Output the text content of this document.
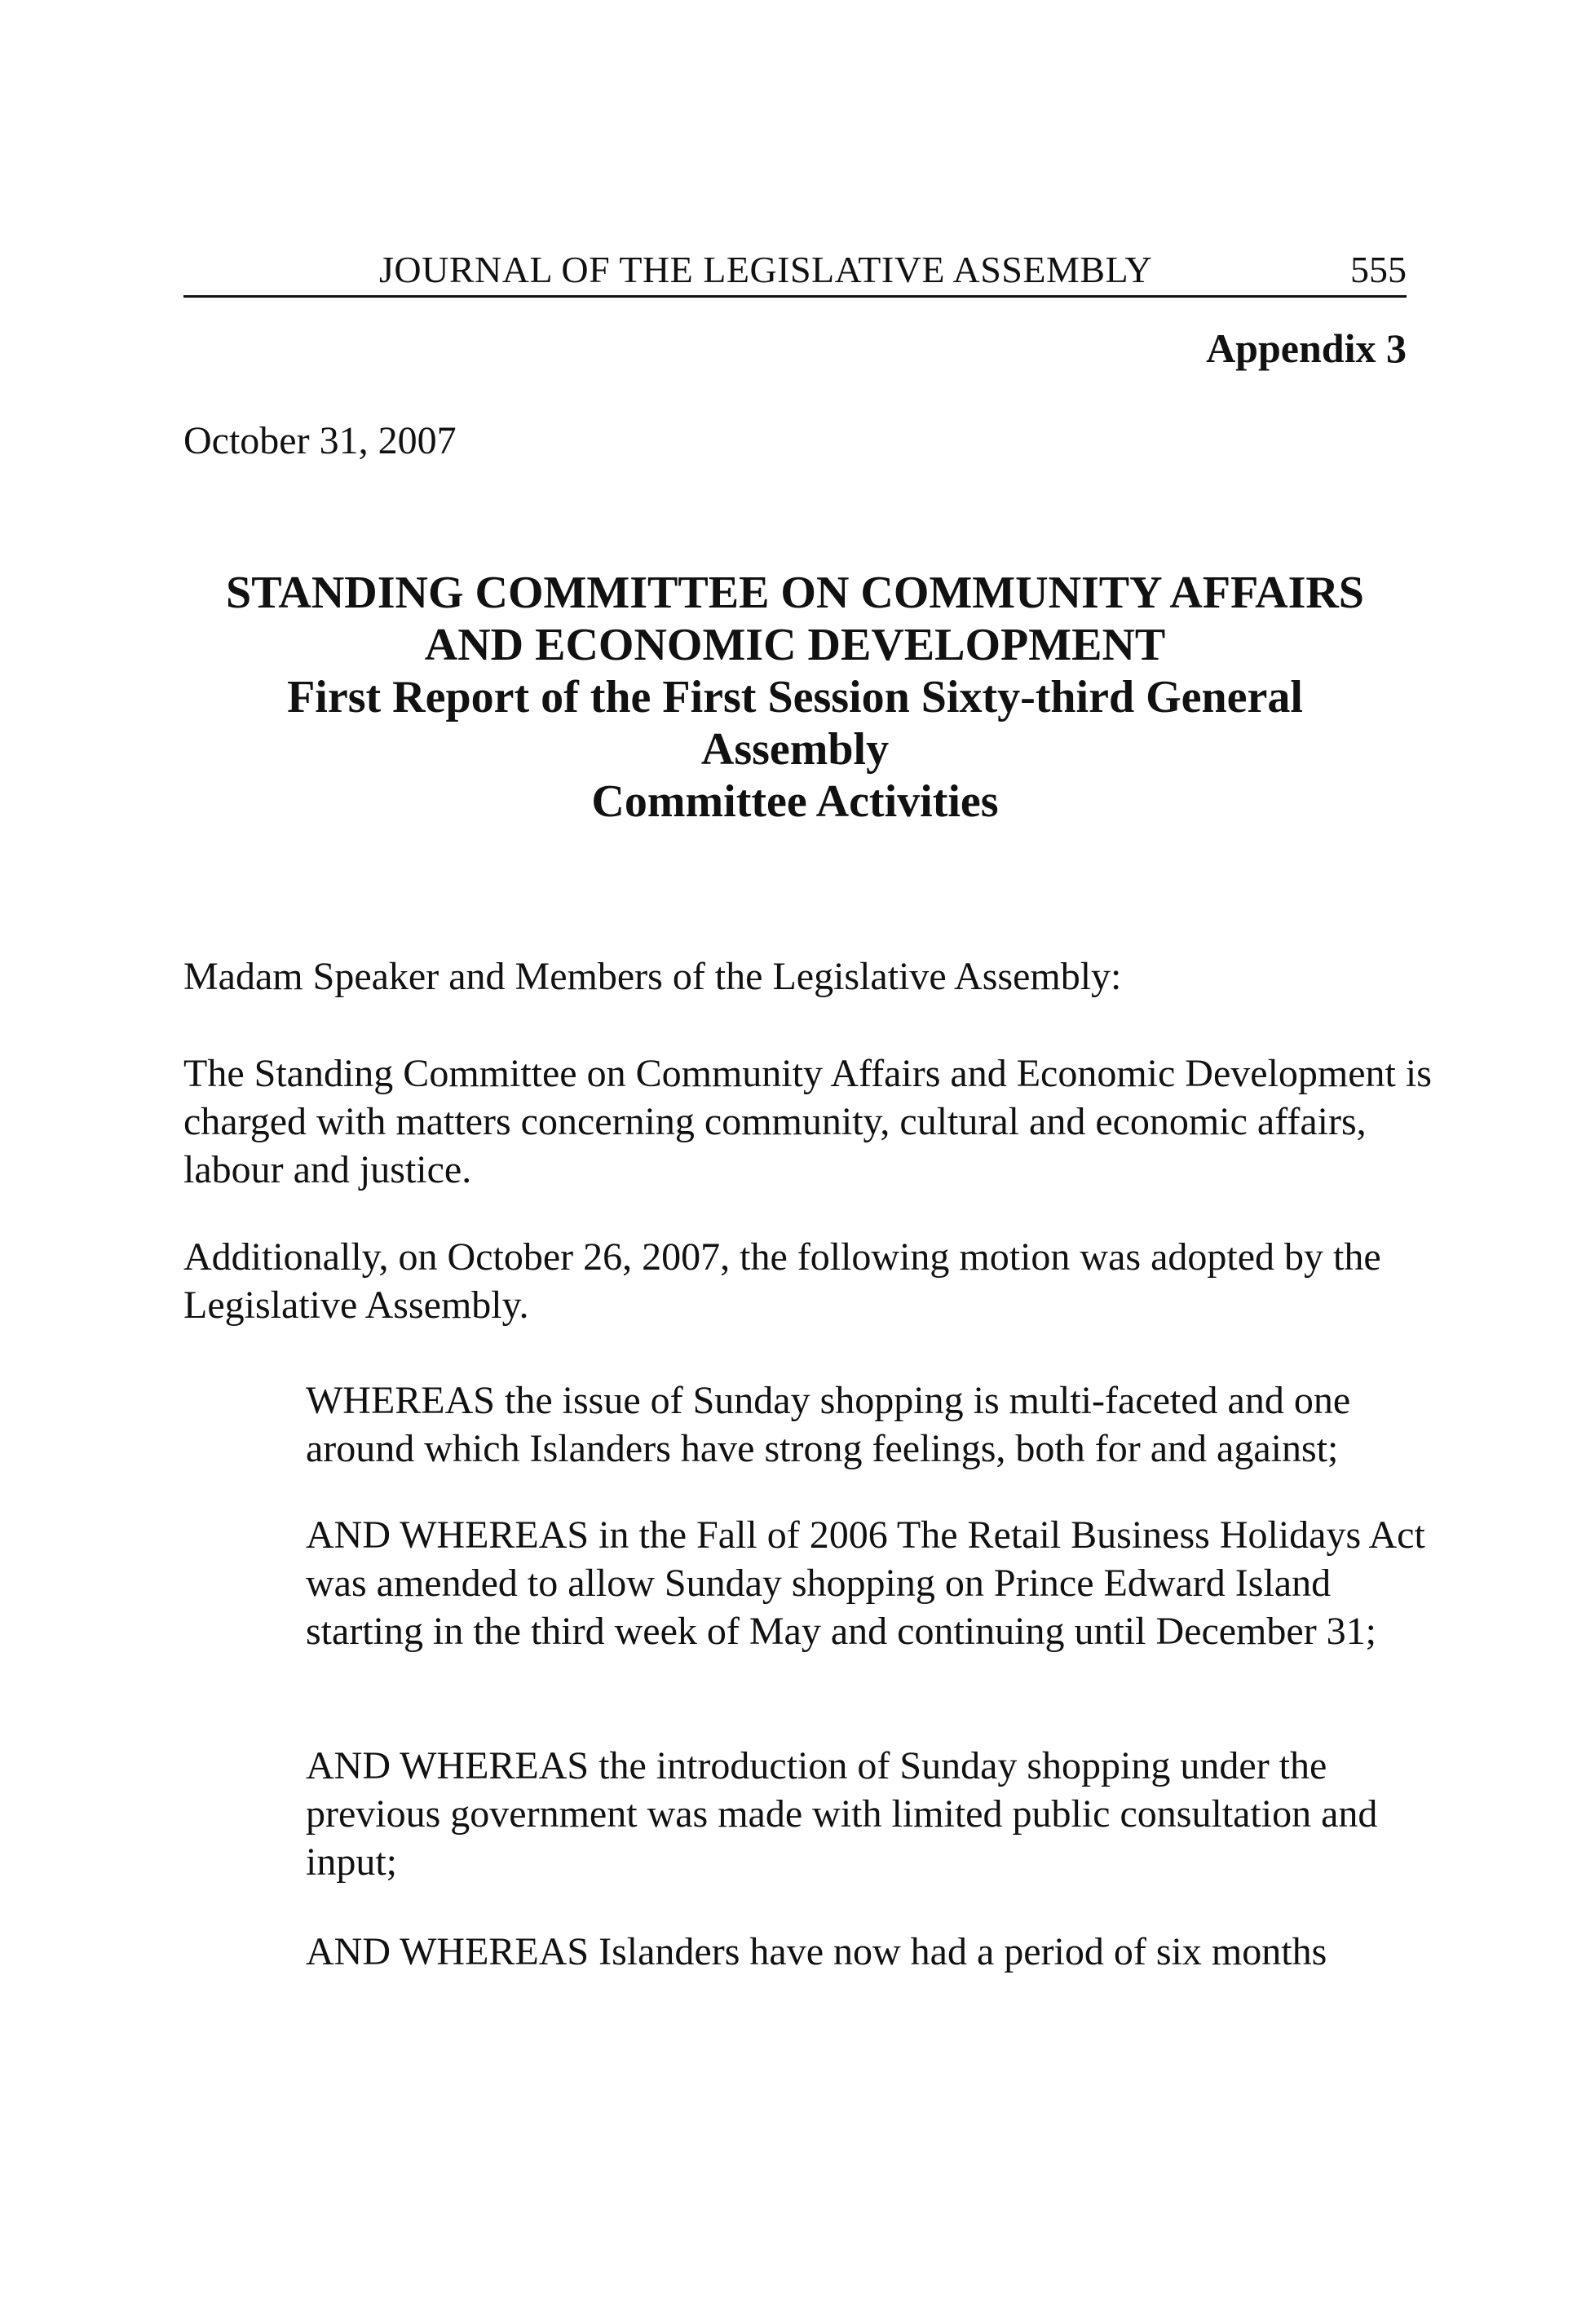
JOURNAL OF THE LEGISLATIVE ASSEMBLY	555
Appendix 3
October 31, 2007
STANDING COMMITTEE ON COMMUNITY AFFAIRS
AND ECONOMIC DEVELOPMENT
First Report of the First Session Sixty-third General
Assembly
Committee Activities

Madam Speaker and Members of the Legislative Assembly:

The Standing Committee on Community Affairs and Economic Development is charged with matters concerning community, cultural and economic affairs, labour and justice.

Additionally, on October 26, 2007, the following motion was adopted by the Legislative Assembly.

WHEREAS the issue of Sunday shopping is multi-faceted and one around which Islanders have strong feelings, both for and against;

AND WHEREAS in the Fall of 2006 The Retail Business Holidays Act was amended to allow Sunday shopping on Prince Edward Island starting in the third week of May and continuing until December 31;

AND WHEREAS the introduction of Sunday shopping under the previous government was made with limited public consultation and input;

AND WHEREAS Islanders have now had a period of six months
